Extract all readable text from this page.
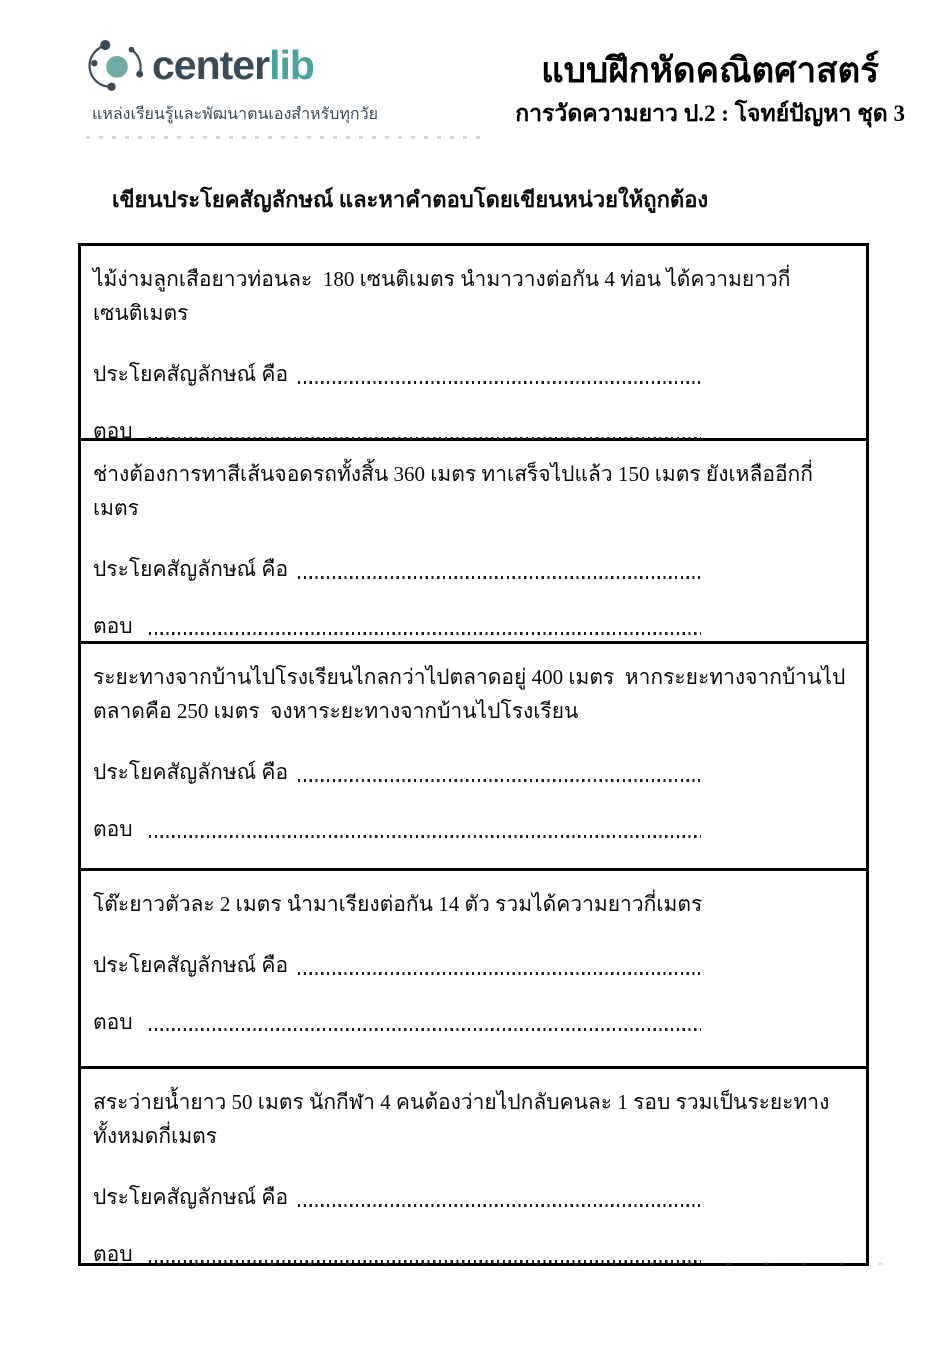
centerlib
แหล่งเรียนรู้และพัฒนาตนเองสำหรับทุกวัย
แบบฝึกหัดคณิตศาสตร์
การวัดความยาว ป.2 : โจทย์ปัญหา ชุด 3
เขียนประโยคสัญลักษณ์ และหาคำตอบโดยเขียนหน่วยให้ถูกต้อง

ไม้ง่ามลูกเสือยาวท่อนละ  180 เซนติเมตร นำมาวางต่อกัน 4 ท่อน ได้ความยาวกี่เซนติเมตร

ประโยคสัญลักษณ์ คือ
ตอบ

ช่างต้องการทาสีเส้นจอดรถทั้งสิ้น 360 เมตร ทาเสร็จไปแล้ว 150 เมตร ยังเหลืออีกกี่เมตร

ประโยคสัญลักษณ์ คือ
ตอบ

ระยะทางจากบ้านไปโรงเรียนไกลกว่าไปตลาดอยู่ 400 เมตร  หากระยะทางจากบ้านไปตลาดคือ 250 เมตร  จงหาระยะทางจากบ้านไปโรงเรียน

ประโยคสัญลักษณ์ คือ
ตอบ

โต๊ะยาวตัวละ 2 เมตร นำมาเรียงต่อกัน 14 ตัว รวมได้ความยาวกี่เมตร

ประโยคสัญลักษณ์ คือ
ตอบ

สระว่ายน้ำยาว 50 เมตร นักกีฬา 4 คนต้องว่ายไปกลับคนละ 1 รอบ รวมเป็นระยะทางทั้งหมดกี่เมตร

ประโยคสัญลักษณ์ คือ
ตอบ
